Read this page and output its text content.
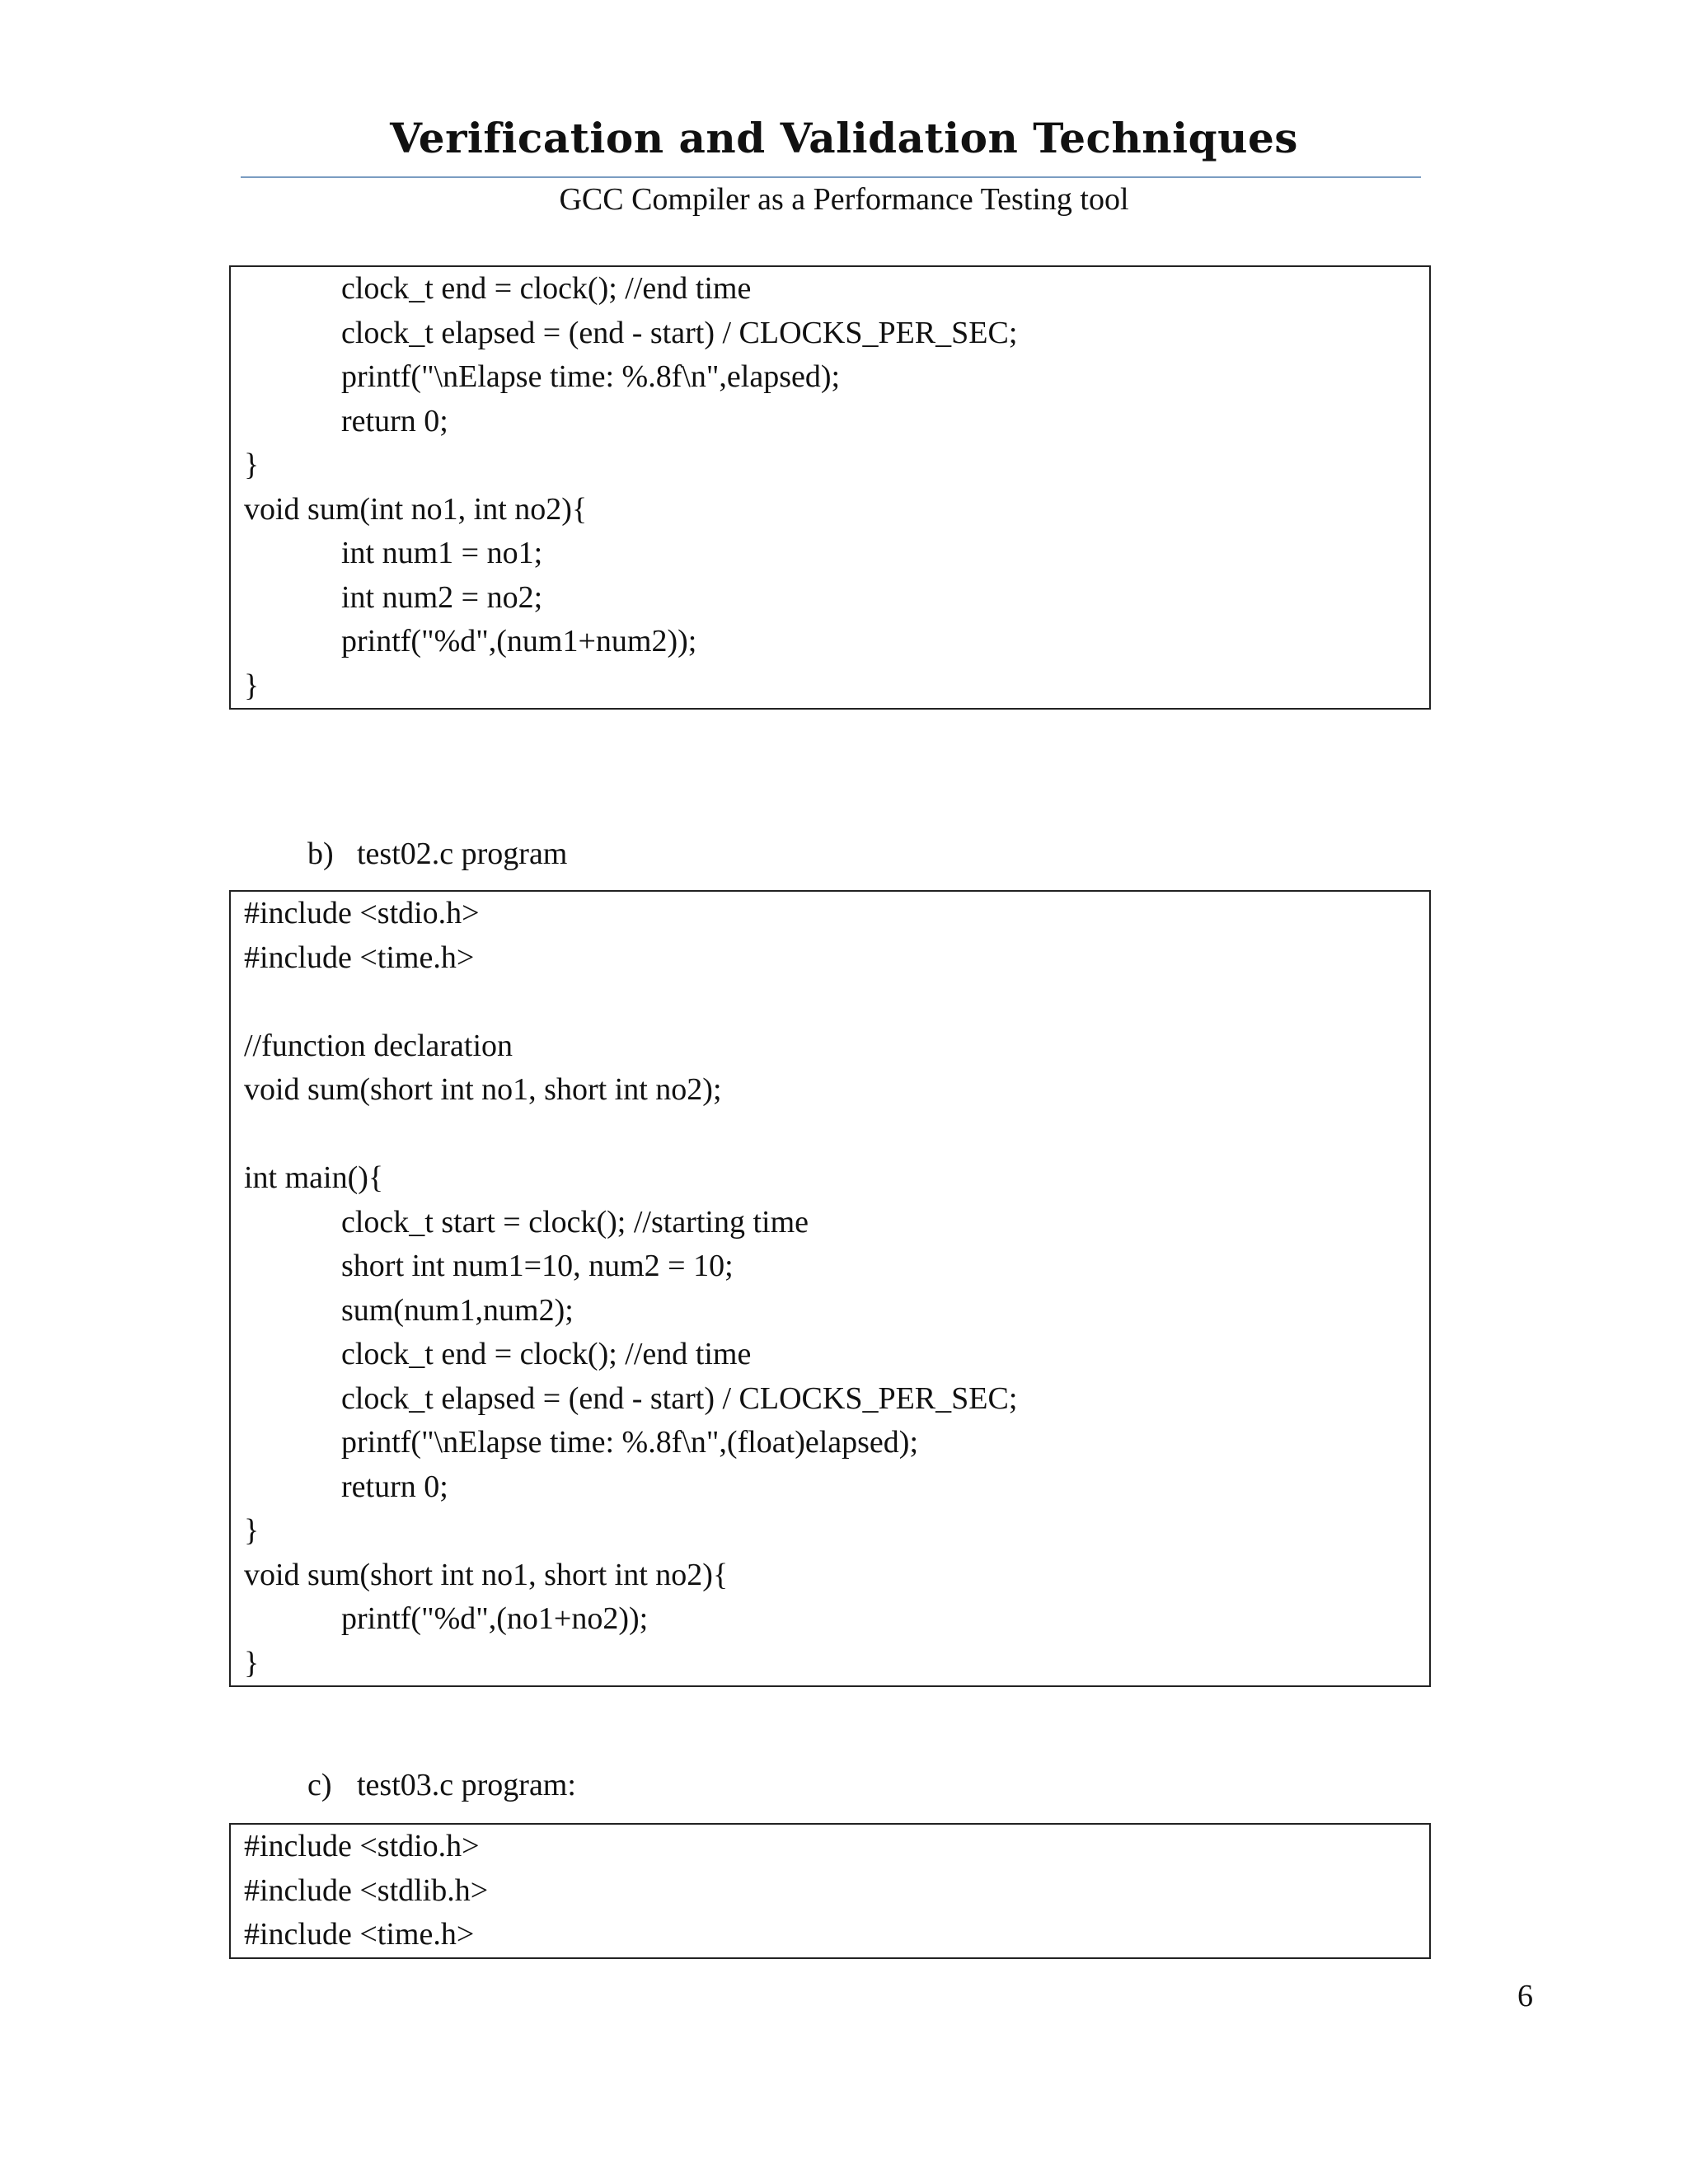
Verification and Validation Techniques
GCC Compiler as a Performance Testing tool
clock_t end = clock(); //end time
clock_t elapsed = (end - start) / CLOCKS_PER_SEC;
printf("\nElapse time: %.8f\n",elapsed);
return 0;
}
void sum(int no1, int no2){
int num1 = no1;
int num2 = no2;
printf("%d",(num1+num2));
}

b) test02.c program

#include <stdio.h>
#include <time.h>
//function declaration
void sum(short int no1, short int no2);
int main(){
clock_t start = clock(); //starting time
short int num1=10, num2 = 10;
sum(num1,num2);
clock_t end = clock(); //end time
clock_t elapsed = (end - start) / CLOCKS_PER_SEC;
printf("\nElapse time: %.8f\n",(float)elapsed);
return 0;
}
void sum(short int no1, short int no2){
printf("%d",(no1+no2));
}

c) test03.c program:

#include <stdio.h>
#include <stdlib.h>
#include <time.h>
6
